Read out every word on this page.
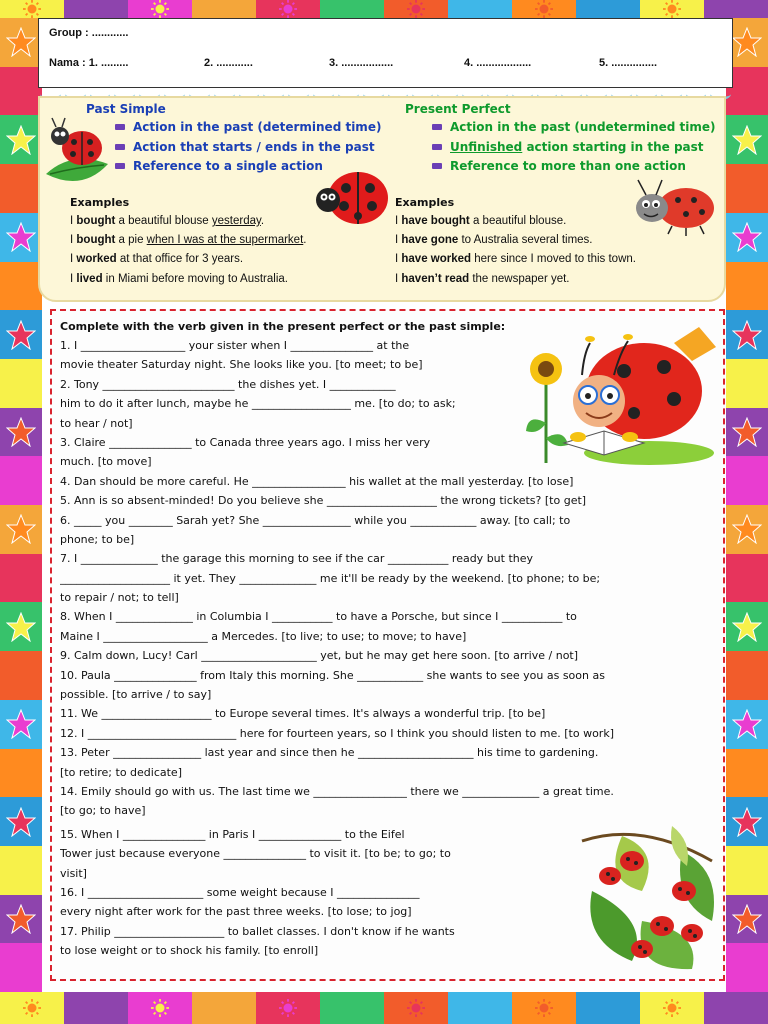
Group : ............
Nama : 1. .........	2. ............	3. .................	4. ..................	5. ...............
Past Simple
Action in the past (determined time)
Action that starts / ends in the past
Reference to a single action
Present Perfect
Action in the past (undetermined time)
Unfinished action starting in the past
Reference to more than one action
Examples
I bought a beautiful blouse yesterday.
I bought a pie when I was at the supermarket.
I worked at that office for 3 years.
I lived in Miami before moving to Australia.
Examples
I have bought a beautiful blouse.
I have gone to Australia several times.
I have worked here since I moved to this town.
I haven’t read the newspaper yet.
Complete with the verb given in the present perfect or the past simple:
1. I ___________________ your sister when I _______________ at the
movie theater Saturday night. She looks like you. [to meet; to be]
2. Tony ________________________ the dishes yet. I ____________
him to do it after lunch, maybe he __________________ me. [to do; to ask;
to hear / not]
3. Claire _______________ to Canada three years ago. I miss her very
much. [to move]
4. Dan should be more careful. He _________________ his wallet at the mall yesterday. [to lose]
5. Ann is so absent-minded! Do you believe she ____________________ the wrong tickets? [to get]
6. _____ you ________ Sarah yet? She ________________ while you ____________ away. [to call; to
phone; to be]
7. I ______________ the garage this morning to see if the car ___________ ready but they
____________________ it yet. They ______________ me it'll be ready by the weekend. [to phone; to be;
to repair / not; to tell]
8. When I ______________ in Columbia I ___________ to have a Porsche, but since I ___________ to
Maine I ___________________ a Mercedes. [to live; to use; to move; to have]
9. Calm down, Lucy! Carl _____________________ yet, but he may get here soon. [to arrive / not]
10. Paula _______________ from Italy this morning. She ____________ she wants to see you as soon as
possible. [to arrive / to say]
11. We ____________________ to Europe several times. It's always a wonderful trip. [to be]
12. I ___________________________ here for fourteen years, so I think you should listen to me. [to work]
13. Peter ________________ last year and since then he _____________________ his time to gardening.
[to retire; to dedicate]
14. Emily should go with us. The last time we _________________ there we ______________ a great time.
[to go; to have]
15. When I _______________ in Paris I _______________ to the Eifel
Tower just because everyone _______________ to visit it. [to be; to go; to
visit]
16. I _____________________ some weight because I _______________
every night after work for the past three weeks. [to lose; to jog]
17. Philip ____________________ to ballet classes. I don't know if he wants
to lose weight or to shock his family. [to enroll]
